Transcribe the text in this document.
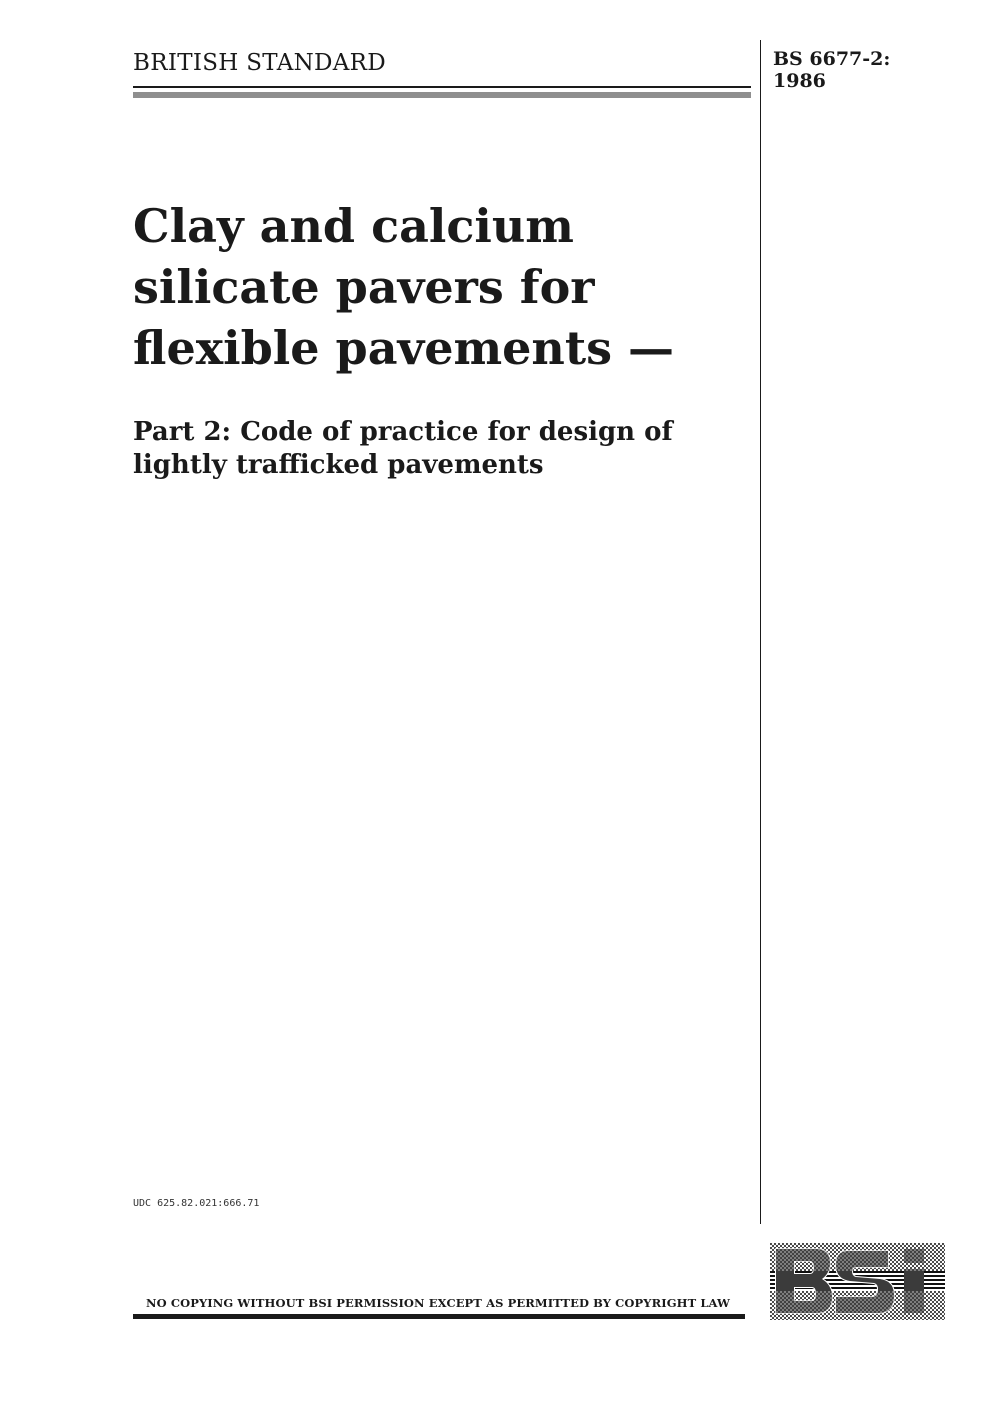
BRITISH STANDARD	BS 6677-2:
1986
Clay and calcium
silicate pavers for
flexible pavements —
Part 2: Code of practice for design of
lightly trafficked pavements
UDC 625.82.021:666.71
NO COPYING WITHOUT BSI PERMISSION EXCEPT AS PERMITTED BY COPYRIGHT LAW
